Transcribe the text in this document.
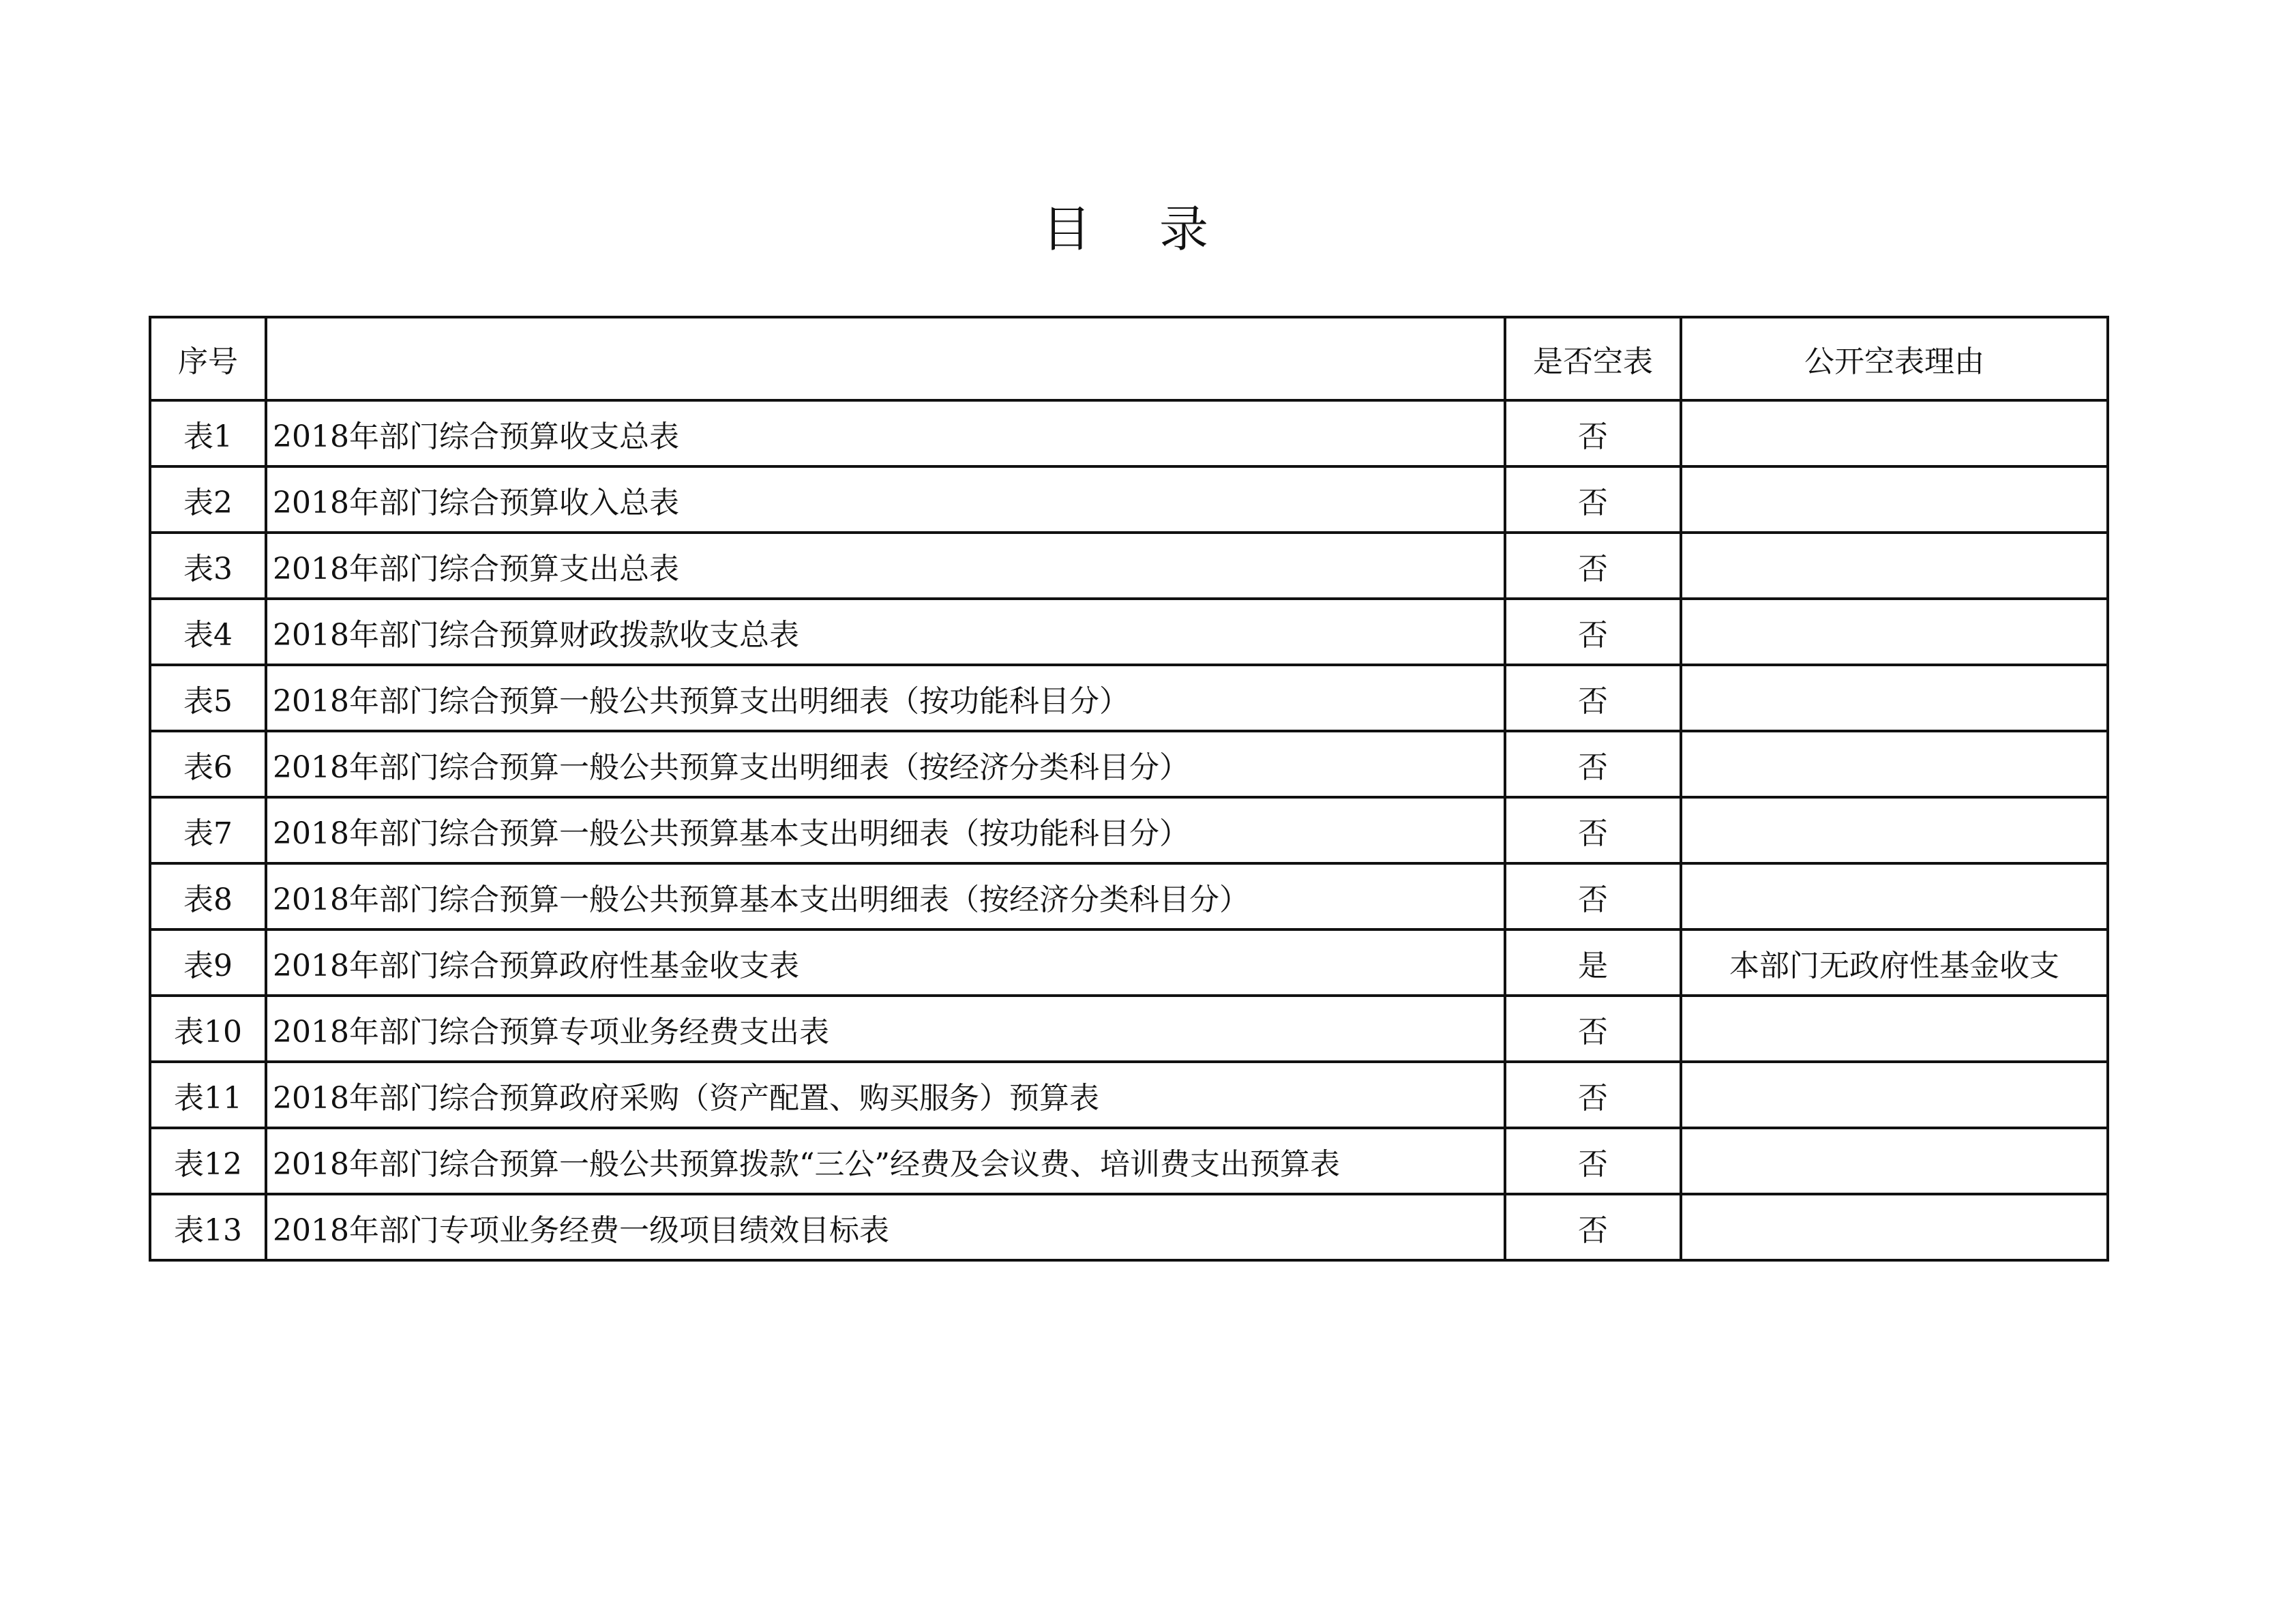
目录
序号		是否空表	公开空表理由
表1	2018年部门综合预算收支总表	否	
表2	2018年部门综合预算收入总表	否	
表3	2018年部门综合预算支出总表	否	
表4	2018年部门综合预算财政拨款收支总表	否	
表5	2018年部门综合预算一般公共预算支出明细表（按功能科目分）	否	
表6	2018年部门综合预算一般公共预算支出明细表（按经济分类科目分）	否	
表7	2018年部门综合预算一般公共预算基本支出明细表（按功能科目分）	否	
表8	2018年部门综合预算一般公共预算基本支出明细表（按经济分类科目分）	否	
表9	2018年部门综合预算政府性基金收支表	是	本部门无政府性基金收支
表10	2018年部门综合预算专项业务经费支出表	否	
表11	2018年部门综合预算政府采购（资产配置、购买服务）预算表	否	
表12	2018年部门综合预算一般公共预算拨款“三公”经费及会议费、培训费支出预算表	否	
表13	2018年部门专项业务经费一级项目绩效目标表	否	
